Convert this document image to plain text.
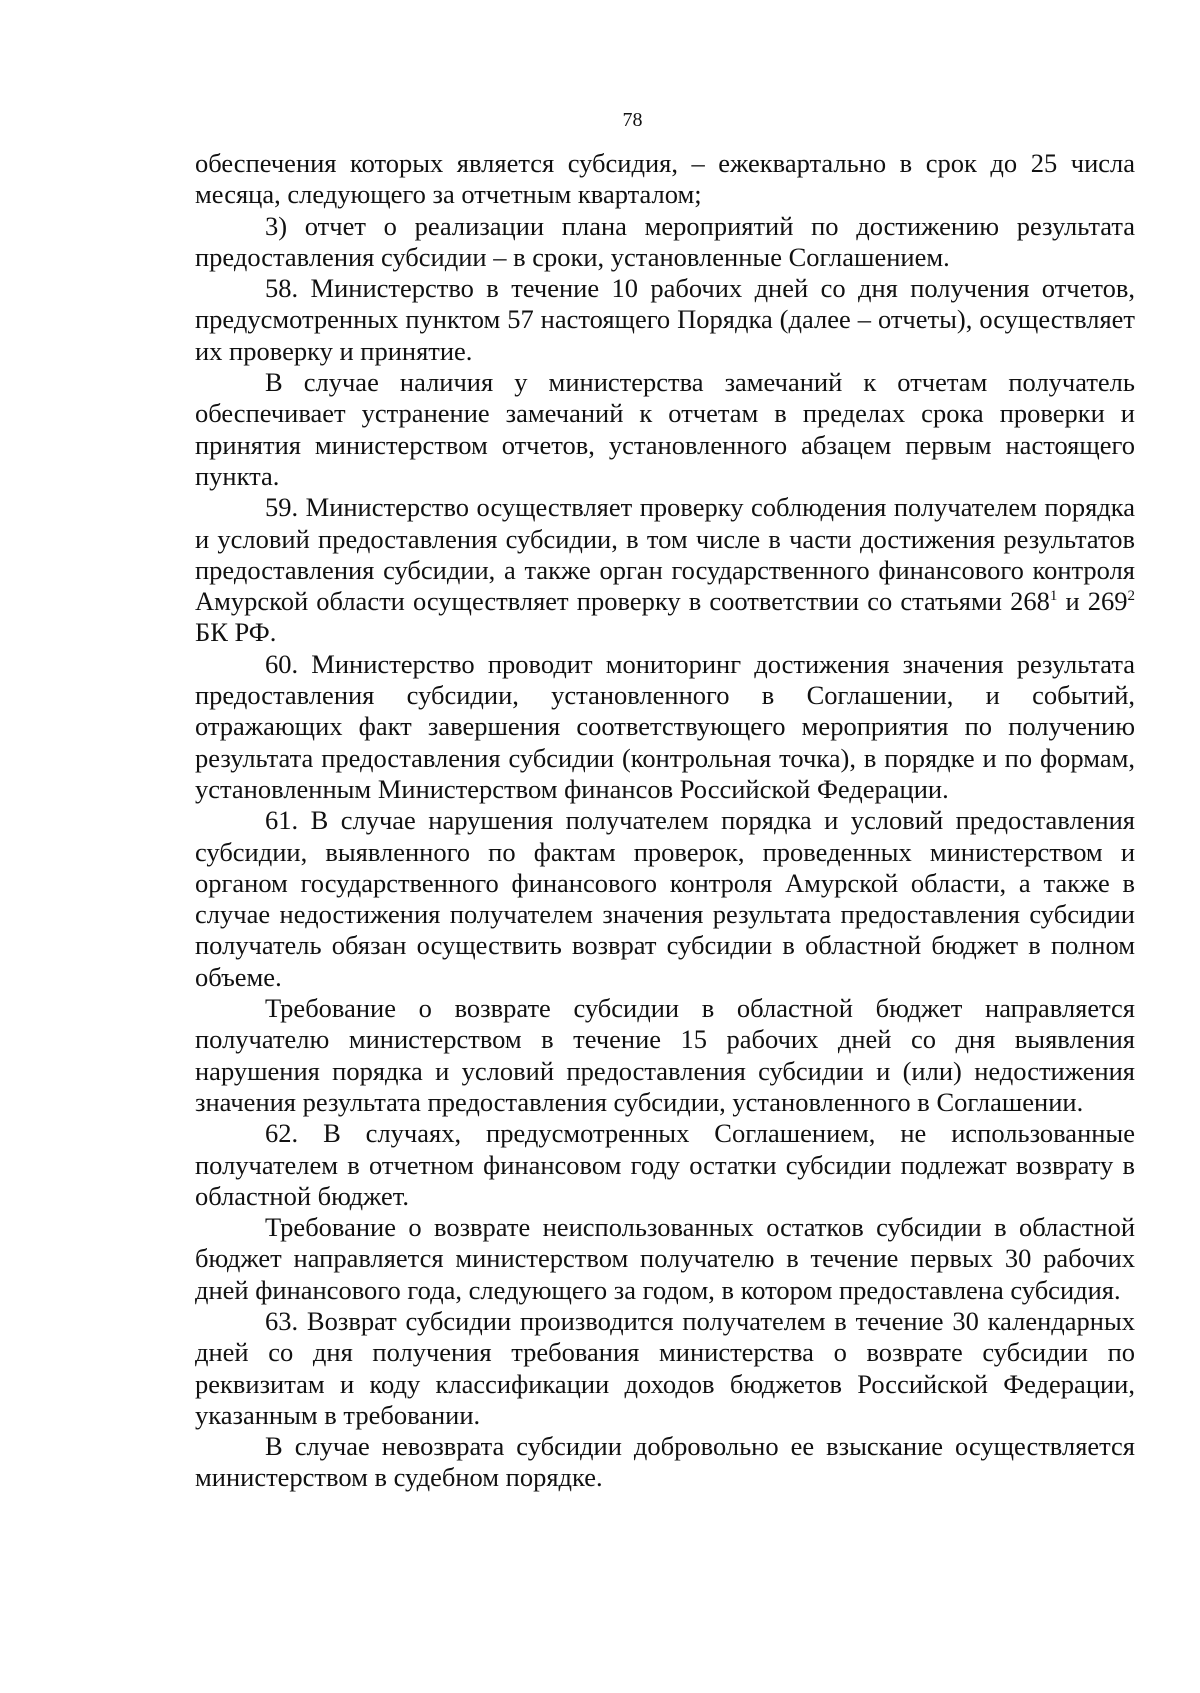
78

обеспечения которых является субсидия, – ежеквартально в срок до 25 числа месяца, следующего за отчетным кварталом;

3) отчет о реализации плана мероприятий по достижению результата предоставления субсидии – в сроки, установленные Соглашением.

58. Министерство в течение 10 рабочих дней со дня получения отчетов, предусмотренных пунктом 57 настоящего Порядка (далее – отчеты), осуществляет их проверку и принятие.

В случае наличия у министерства замечаний к отчетам получатель обеспечивает устранение замечаний к отчетам в пределах срока проверки и принятия министерством отчетов, установленного абзацем первым настоящего пункта.

59. Министерство осуществляет проверку соблюдения получателем порядка и условий предоставления субсидии, в том числе в части достижения результатов предоставления субсидии, а также орган государственного финансового контроля Амурской области осуществляет проверку в соответствии со статьями $268^1$ и $269^2$ БК РФ.

60. Министерство проводит мониторинг достижения значения результата предоставления субсидии, установленного в Соглашении, и событий, отражающих факт завершения соответствующего мероприятия по получению результата предоставления субсидии (контрольная точка), в порядке и по формам, установленным Министерством финансов Российской Федерации.

61. В случае нарушения получателем порядка и условий предоставления субсидии, выявленного по фактам проверок, проведенных министерством и органом государственного финансового контроля Амурской области, а также в случае недостижения получателем значения результата предоставления субсидии получатель обязан осуществить возврат субсидии в областной бюджет в полном объеме.

Требование о возврате субсидии в областной бюджет направляется получателю министерством в течение 15 рабочих дней со дня выявления нарушения порядка и условий предоставления субсидии и (или) недостижения значения результата предоставления субсидии, установленного в Соглашении.

62. В случаях, предусмотренных Соглашением, не использованные получателем в отчетном финансовом году остатки субсидии подлежат возврату в областной бюджет.

Требование о возврате неиспользованных остатков субсидии в областной бюджет направляется министерством получателю в течение первых 30 рабочих дней финансового года, следующего за годом, в котором предоставлена субсидия.

63. Возврат субсидии производится получателем в течение 30 календарных дней со дня получения требования министерства о возврате субсидии по реквизитам и коду классификации доходов бюджетов Российской Федерации, указанным в требовании.

В случае невозврата субсидии добровольно ее взыскание осуществляется министерством в судебном порядке.
